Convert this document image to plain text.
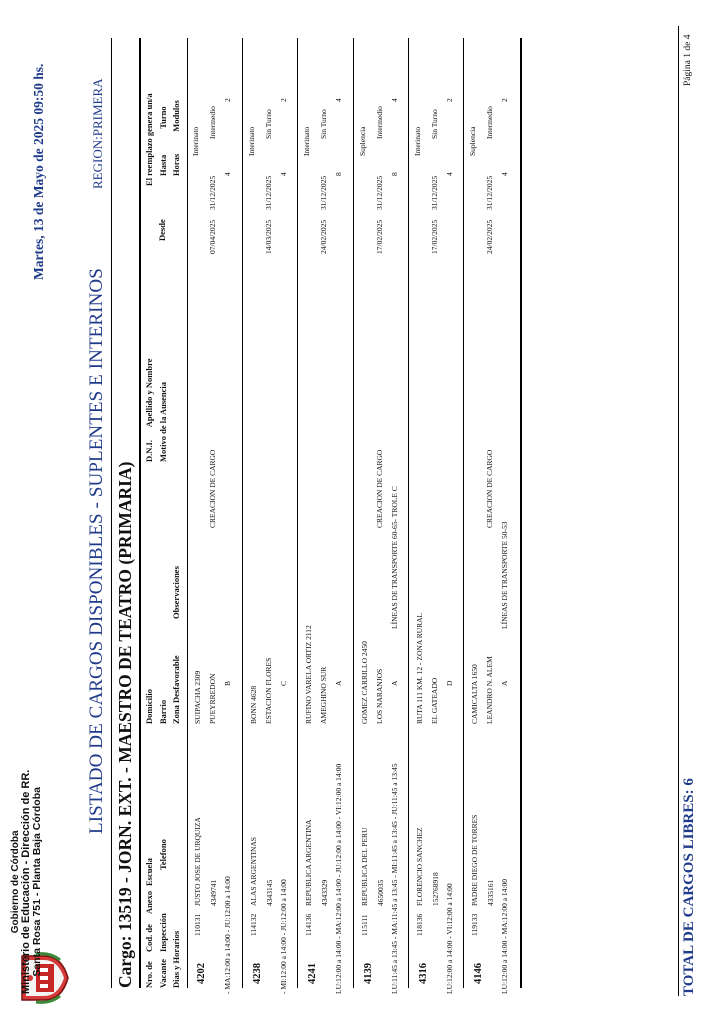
Gobierno de Córdoba Ministerio de Educación - Dirección de RR. Santa Rosa 751 - Planta Baja Córdoba
Martes, 13 de Mayo de 2025 09:50 hs.
LISTADO DE CARGOS DISPONIBLES - SUPLENTES E INTERINOS
REGION:PRIMERA
Cargo: 13519 - JORN. EXT. - MAESTRO DE TEATRO (PRIMARIA) Nro. de Vacante Dias y Horarios
Cod. de Inspección
Anexo
Escuela
Telefono
Domicilio Barrio Zona Desfavorable
Observaciones
D.N.I.      Apellido y Nombre Motivo de la Ausencia
Desde
El reemplazo genera un/a HastaTurno
HorasModulos
4202
110131
JUSTO JOSE DE URQUIZA 4349741
SUIPACHA 2309 PUEYRREDON B
CREACION DE CARGO
07/04/2025
Interinato
31/12/2025
Intermedio
4
2
- MA:12:00 a 14:00 - JU:12:00 a 14:00 4238
114132
ALAS ARGENTINAS 4343145
BONN 4628 ESTACION FLORES C
14/03/2025
Interinato
31/12/2025
Sin Turno
4
2
- MI:12:00 a 14:00 - JU:12:00 a 14:00 4241
114136
REPUBLICA ARGENTINA 4343329
RUFINO VARELA ORTIZ 2112 AMEGHINO SUR A
24/02/2025
Interinato
31/12/2025
Sin Turno
8
4
LU:12:00 a 14:00 - MA:12:00 a 14:00 - JU:12:00 a 14:00 - VI:12:00 a 14:00 4139
115111
REPUBLICA DEL PERU 4650035
GOMEZ CARRILLO 2450 LOS NARANJOS A
LÍNEAS DE TRANSPORTE 60-65- TROLE C
CREACION DE CARGO
17/02/2025
Suplencia
31/12/2025
Intermedio
8
4
LU:11:45 a 13:45 - MA:11:45 a 13:45 - MI:11:45 a 13:45 - JU:11:45 a 13:45 4316
118136
FLORENCIO SANCHEZ 152768918
RUTA 111 KM. 12 - ZONA RURAL EL GATEADO D
17/02/2025
Interinato
31/12/2025
Sin Turno
4
2
LU:12:00 a 14:00 - VI:12:00 a 14:00 4146
119133
PADRE DIEGO DE TORRES 4335161
CAMICALTA 1650 LEANDRO N. ALEM A
LÍNEAS DE TRANSPORTE 50-53
CREACION DE CARGO
24/02/2025
Suplencia
31/12/2025
Intermedio
4
2
LU:12:00 a 14:00 - MA:12:00 a 14:00	TOTAL DE CARGOS LIBRES: 6
Página 1 de 4
